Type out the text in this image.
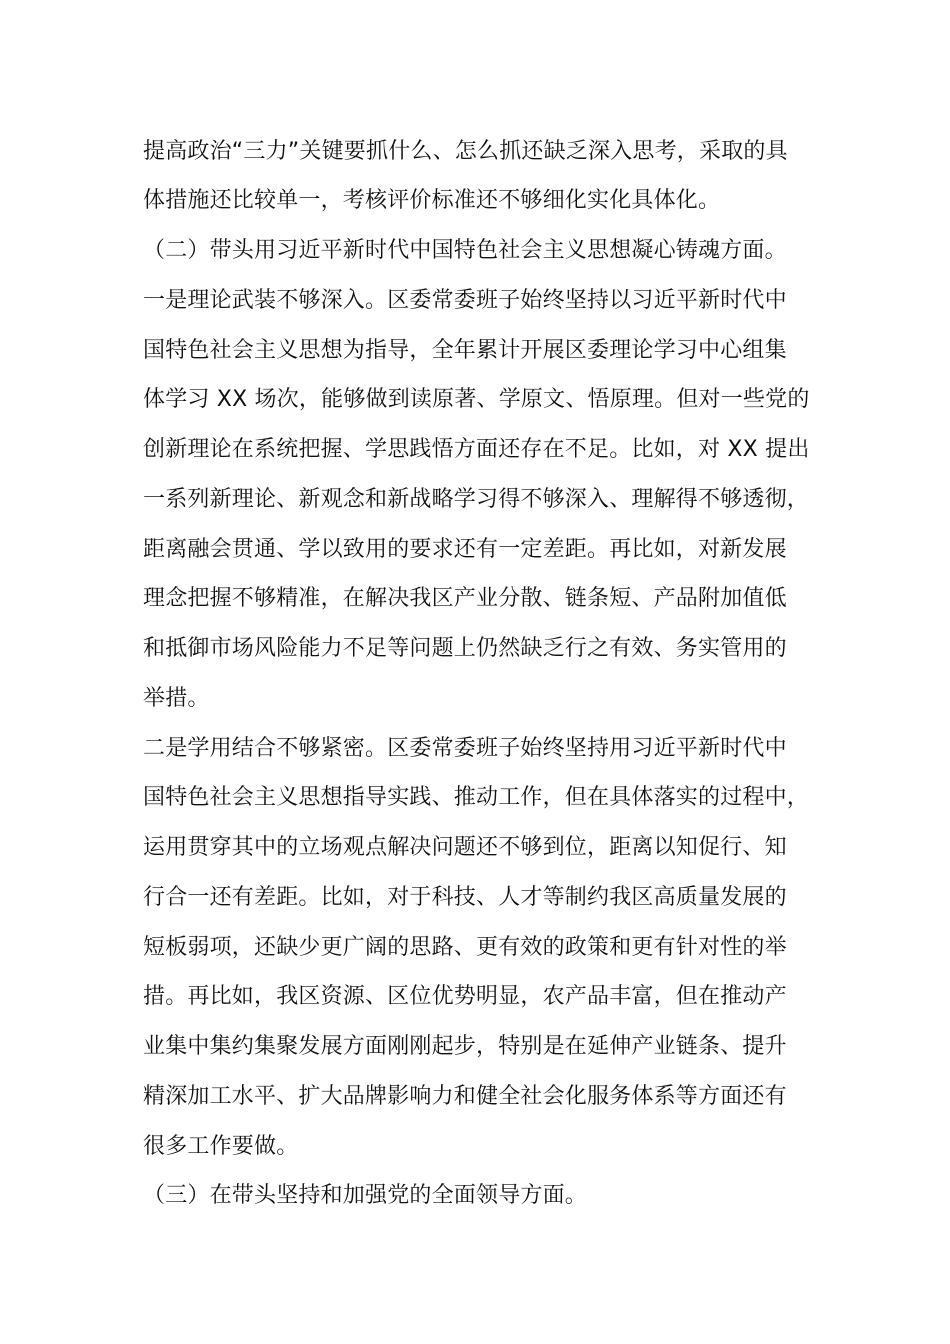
提高政治“三力”关键要抓什么、怎么抓还缺乏深入思考，采取的具
体措施还比较单一，考核评价标准还不够细化实化具体化。
（二）带头用习近平新时代中国特色社会主义思想凝心铸魂方面。
一是理论武装不够深入。区委常委班子始终坚持以习近平新时代中
国特色社会主义思想为指导，全年累计开展区委理论学习中心组集
体学习 XX 场次，能够做到读原著、学原文、悟原理。但对一些党的
创新理论在系统把握、学思践悟方面还存在不足。比如，对 XX 提出
一系列新理论、新观念和新战略学习得不够深入、理解得不够透彻，
距离融会贯通、学以致用的要求还有一定差距。再比如，对新发展
理念把握不够精准，在解决我区产业分散、链条短、产品附加值低
和抵御市场风险能力不足等问题上仍然缺乏行之有效、务实管用的
举措。
二是学用结合不够紧密。区委常委班子始终坚持用习近平新时代中
国特色社会主义思想指导实践、推动工作，但在具体落实的过程中，
运用贯穿其中的立场观点解决问题还不够到位，距离以知促行、知
行合一还有差距。比如，对于科技、人才等制约我区高质量发展的
短板弱项，还缺少更广阔的思路、更有效的政策和更有针对性的举
措。再比如，我区资源、区位优势明显，农产品丰富，但在推动产
业集中集约集聚发展方面刚刚起步，特别是在延伸产业链条、提升
精深加工水平、扩大品牌影响力和健全社会化服务体系等方面还有
很多工作要做。
（三）在带头坚持和加强党的全面领导方面。
